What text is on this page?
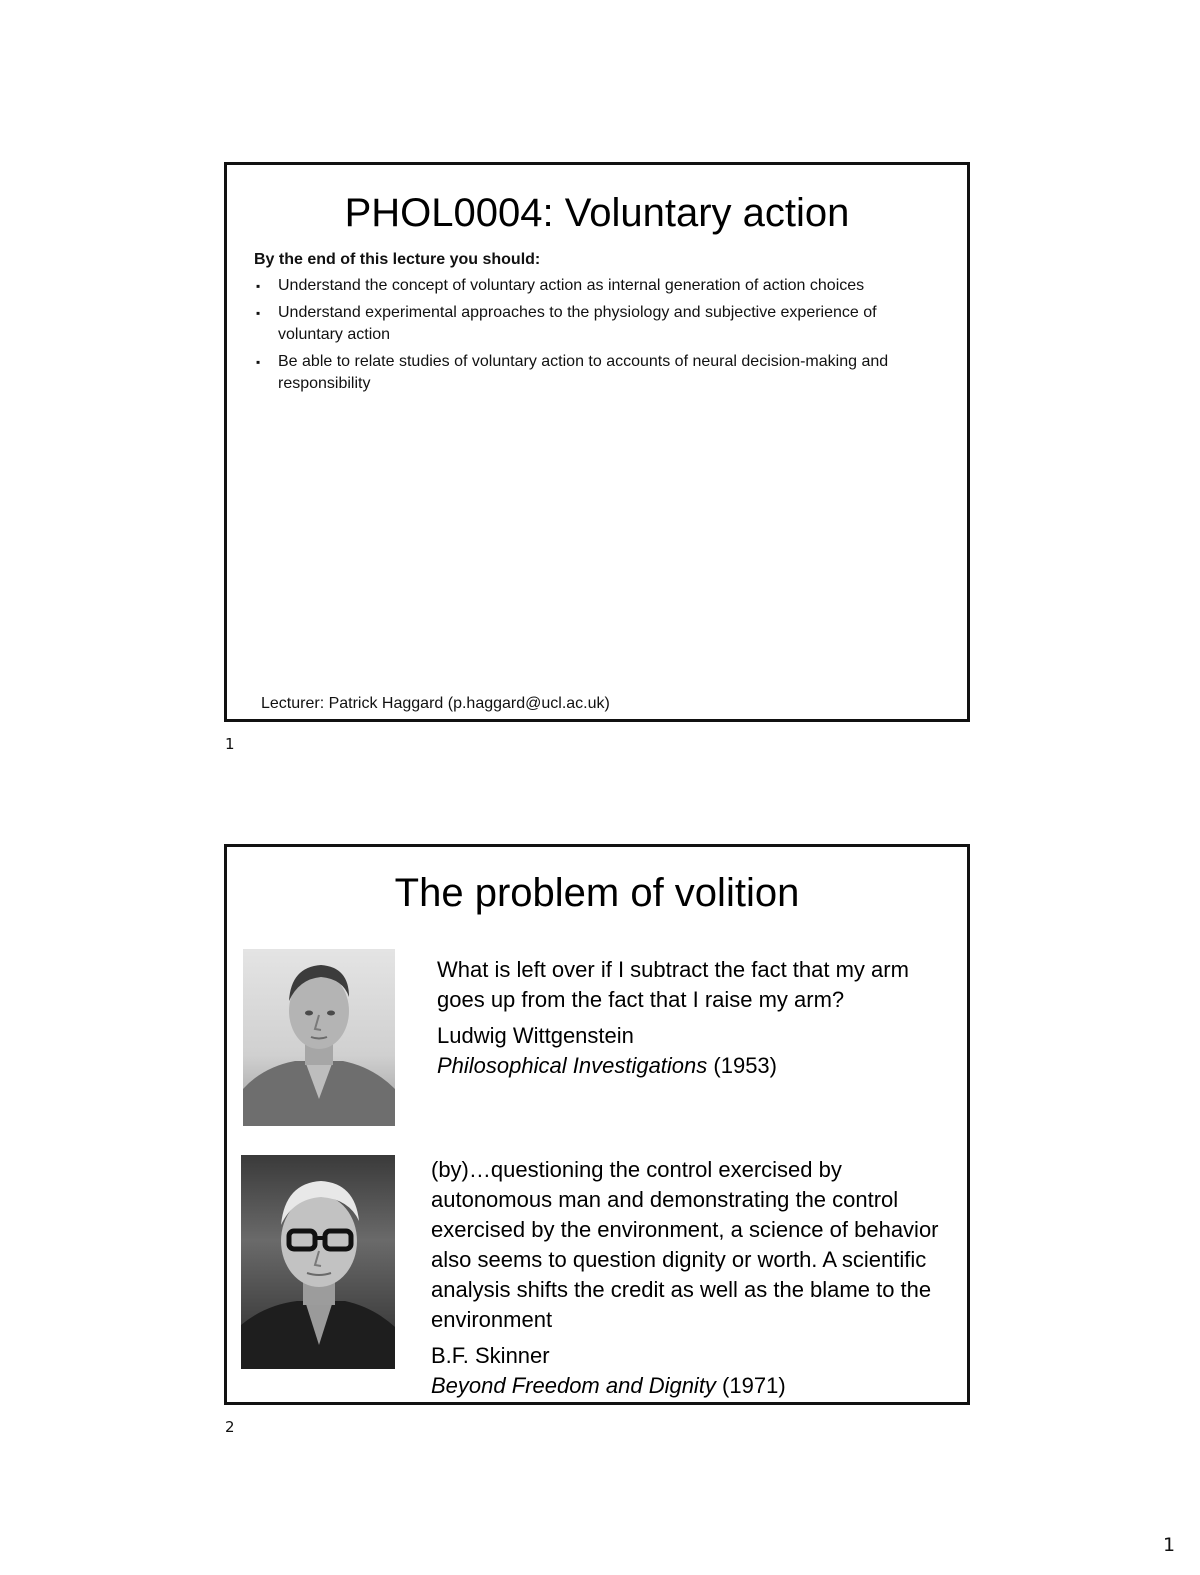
PHOL0004: Voluntary action
By the end of this lecture you should:
▪ Understand the concept of voluntary action as internal generation of action choices
▪ Understand experimental approaches to the physiology and subjective experience of voluntary action
▪ Be able to relate studies of voluntary action to accounts of neural decision-making and responsibility
Lecturer: Patrick Haggard (p.haggard@ucl.ac.uk)
1
The problem of volition

What is left over if I subtract the fact that my arm goes up from the fact that I raise my arm?

Ludwig Wittgenstein

Philosophical Investigations (1953)

(by)…questioning the control exercised by autonomous man and demonstrating the control exercised by the environment, a science of behavior also seems to question dignity or worth. A scientific analysis shifts the credit as well as the blame to the environment

B.F. Skinner

Beyond Freedom and Dignity (1971)

2
1
